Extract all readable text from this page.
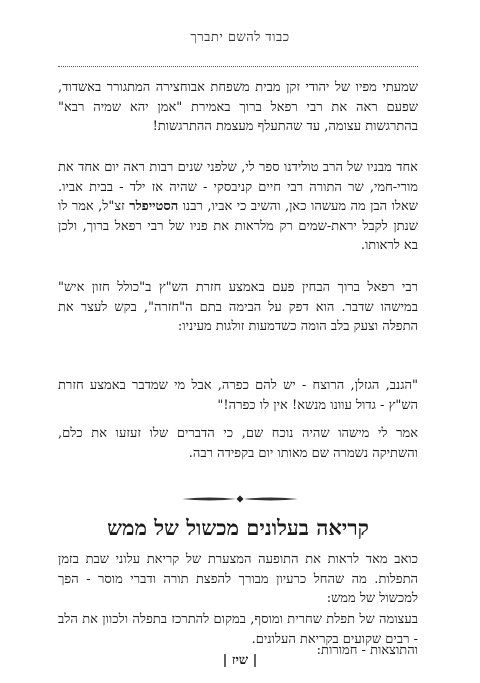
כבוד להשם יתברך

שמעתי מפיו של יהודי זקן מבית משפחת אבוחצירה המתגורר באשדוד, שפעם ראה את רבי רפאל ברוך באמירת "אמן יהא שמיה רבא" בהתרגשות עצומה, עד שהתעלף מעצמת ההתרגשות!

אחד מבניו של הרב טולידנו ספר לי, שלפני שנים רבות ראה יום אחד את מורי-חמי, שר התורה רבי חיים קניבסקי - שהיה אז ילד - בבית אביו. שאלו הבן מה מעשהו כאן, והשיב כי אביו, רבנו הסטייפלר זצ"ל, אמר לו שנתן לקבל יראת-שמים רק מלראות את פניו של רבי רפאל ברוך, ולכן בא לראותו.

רבי רפאל ברוך הבחין פעם באמצע חזרת הש"ץ ב"כולל חזון איש" במישהו שדבר. הוא דפק על הבימה בתם ה"חזרה", בקש לעצר את התפלה וצעק בלב הומה כשדמעות זולגות מעיניו:

"הגנב, הגזלן, הרוצח - יש להם כפרה, אבל מי שמדבר באמצע חזרת הש"ץ - גדול עוונו מנשא! אין לו כפרה!"

אמר לי מישהו שהיה נוכח שם, כי הדברים שלו זעזעו את כלם, והשתיקה נשמרה שם מאותו יום בקפידה רבה.

קריאה בעלונים מכשול של ממש

כואב מאד לראות את התופעה המצערת של קריאת עלוני שבת בזמן התפלות. מה שהחל כרעיון מבורך להפצת תורה ודברי מוסר - הפך למכשול של ממש:

בעצומה של תפלת שחרית ומוסף, במקום להתרכז בתפלה ולכוון את הלב - רבים שקועים בקריאת העלונים.

והתוצאות - חמורות:

| שיז |
